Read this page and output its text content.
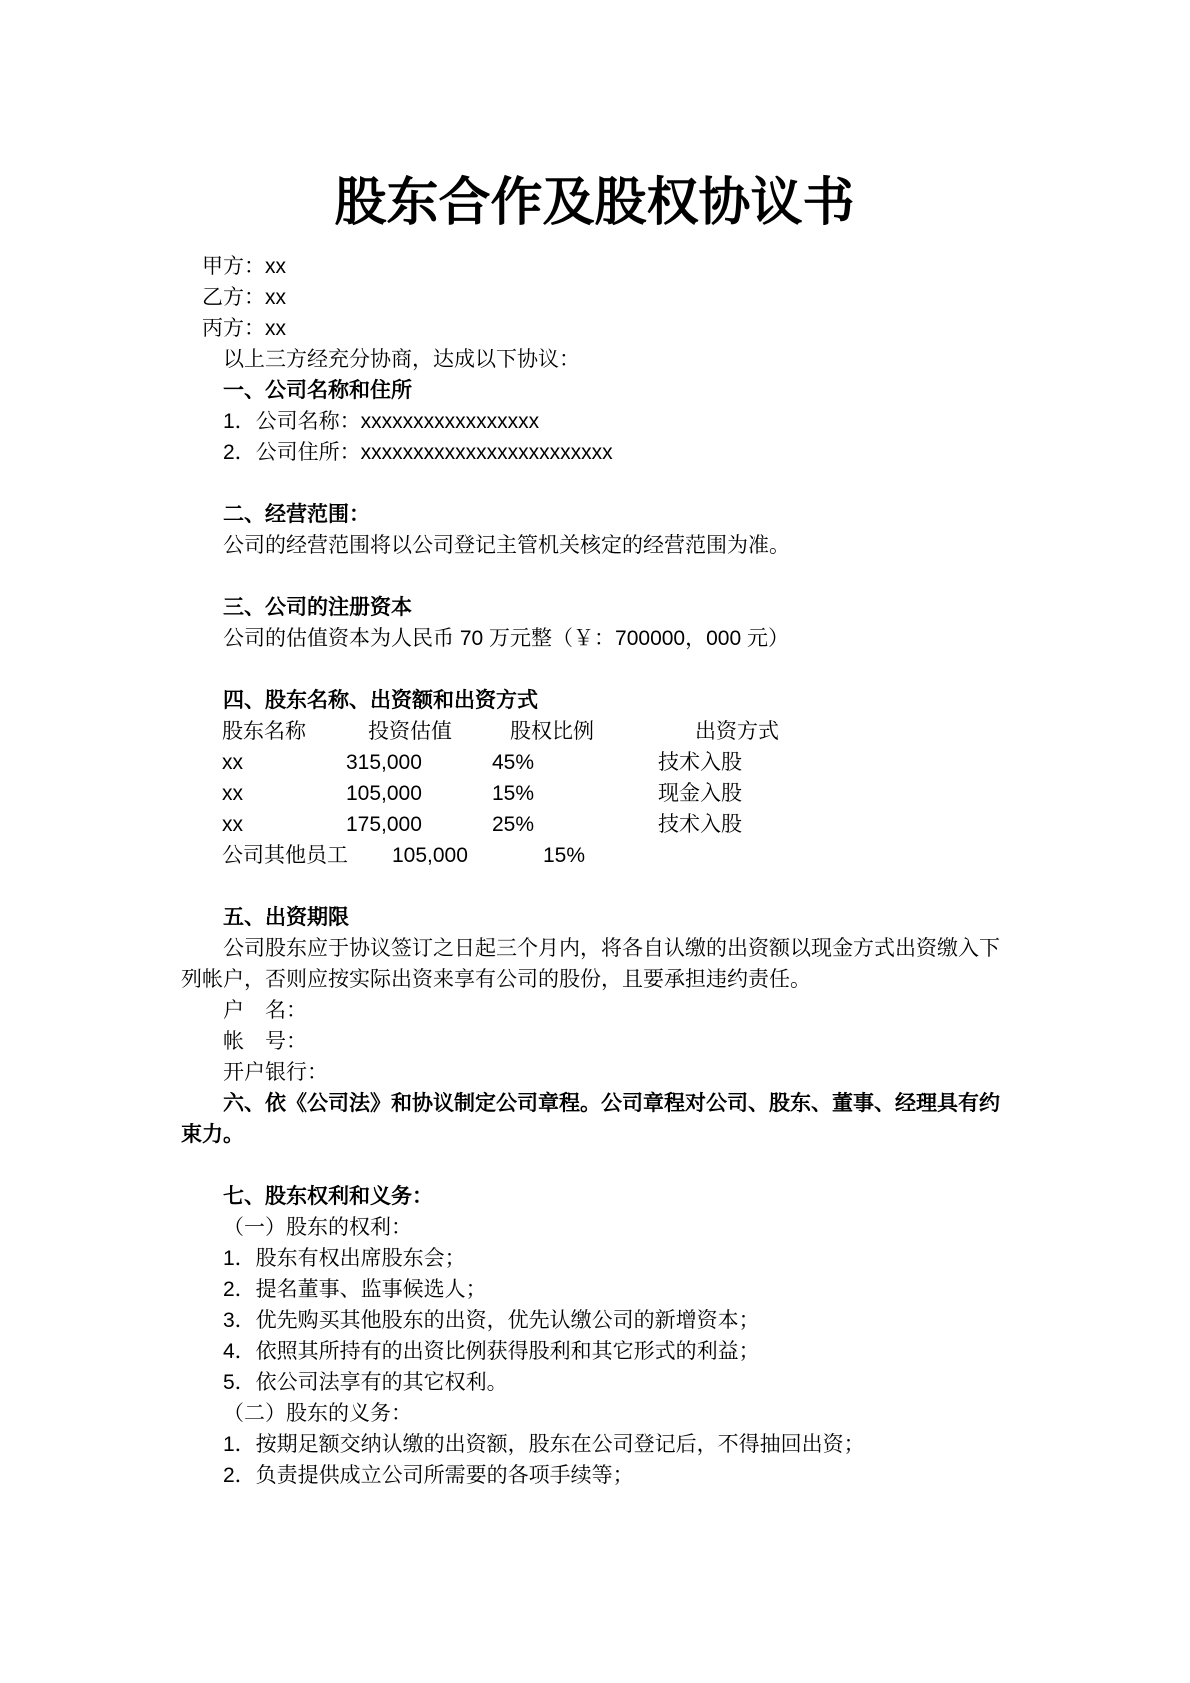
股东合作及股权协议书

甲方：xx

乙方：xx

丙方：xx

以上三方经充分协商，达成以下协议：

一、公司名称和住所

1．公司名称：xxxxxxxxxxxxxxxxx

2．公司住所：xxxxxxxxxxxxxxxxxxxxxxxx

二、经营范围：

公司的经营范围将以公司登记主管机关核定的经营范围为准。

三、公司的注册资本

公司的估值资本为人民币 70 万元整（￥：700000，000 元）

四、股东名称、出资额和出资方式

股东名称	投资估值	股权比例	出资方式
xx	315,000	45%	技术入股
xx	105,000	15%	现金入股
xx	175,000	25%	技术入股
公司其他员工 105,000	15%

五、出资期限

公司股东应于协议签订之日起三个月内，将各自认缴的出资额以现金方式出资缴入下列帐户，否则应按实际出资来享有公司的股份，且要承担违约责任。

户　名：

帐　号：

开户银行：

六、依《公司法》和协议制定公司章程。公司章程对公司、股东、董事、经理具有约束力。

七、股东权利和义务：

（一）股东的权利：

1．股东有权出席股东会；

2．提名董事、监事候选人；

3．优先购买其他股东的出资，优先认缴公司的新增资本；

4．依照其所持有的出资比例获得股利和其它形式的利益；

5．依公司法享有的其它权利。

（二）股东的义务：

1．按期足额交纳认缴的出资额，股东在公司登记后，不得抽回出资；

2．负责提供成立公司所需要的各项手续等；
